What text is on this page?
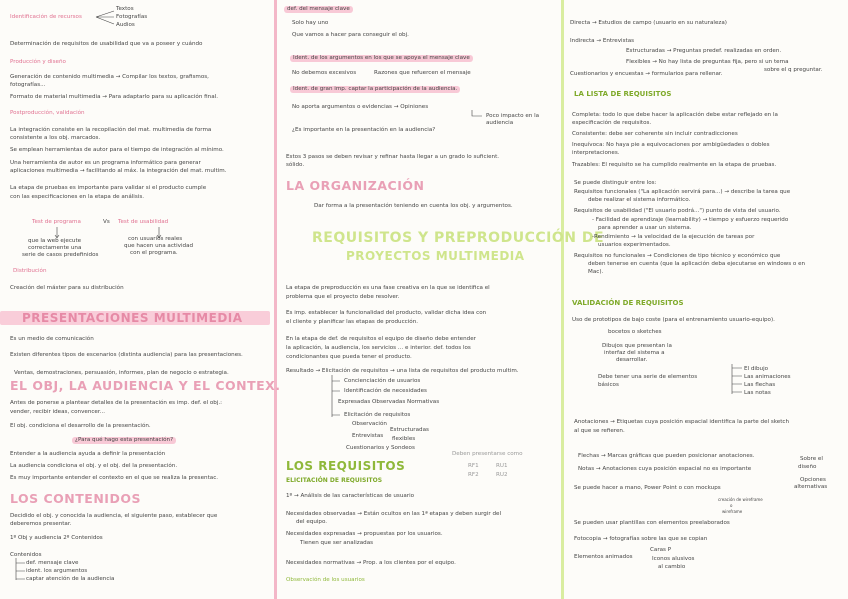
Identificación de recursos
Textos
Fotografías
Audios
Determinación de requisitos de usabilidad que va a poseer y cuándo
Producción y diseño
Generación de contenido multimedia → Compilar los textos, grafismos,
fotografías...
Formato de material multimedia → Para adaptarlo para su aplicación final.
Postproducción, validación
La integración consiste en la recopilación del mat. multimedia de forma
consistente a los obj. marcados.
Se emplean herramientas de autor para el tiempo de integración al mínimo.
Una herramienta de autor es un programa informático para generar
aplicaciones multimedia → facilitando al máx. la integración del mat. multim.
La etapa de pruebas es importante para validar si el producto cumple
con las especificaciones en la etapa de análisis.
Test de programa	Vs Test de usabilidad
que la web ejecute
correctamente una
serie de casos predefinidos
con usuarios reales
que hacen una actividad
con el programa.
Distribución
Creación del máster para su distribución
PRESENTACIONES MULTIMEDIA
Es un medio de comunicación
Existen diferentes tipos de escenarios (distinta audiencia) para las presentaciones.
Ventas, demostraciones, persuasión, informes, plan de negocio o estrategia.
EL OBJ, LA AUDIENCIA Y EL CONTEX.
Antes de ponerse a plantear detalles de la presentación es imp. def. el obj.:
vender, recibir ideas, convencer...
El obj. condiciona el desarrollo de la presentación.
¿Para qué hago esta presentación?
Entender a la audiencia ayuda a definir la presentación
La audiencia condiciona el obj. y el obj. del la presentación.
Es muy importante entender el contexto en el que se realiza la presentac.
LOS CONTENIDOS
Decidido el obj. y conocida la audiencia, el siguiente paso, establecer que
deberemos presentar.
1º Obj y audiencia 2º Contenidos
Contenidos
def. mensaje clave
ident. los argumentos
captar atención de la audiencia
def. del mensaje clave
Solo hay uno
Que vamos a hacer para conseguir el obj.
Ident. de los argumentos en los que se apoya el mensaje clave
No debemos excesivos	Razones que refuercen el mensaje
Ident. de gran imp. captar la participación de la audiencia.
No aporta argumentos o evidencias → Opiniones
Poco impacto en la
audiencia
¿Es importante en la presentación en la audiencia?
Estos 3 pasos se deben revisar y refinar hasta llegar a un grado lo suficient.
sólido.
LA ORGANIZACIÓN
Dar forma a la presentación teniendo en cuenta los obj. y argumentos.
REQUISITOS Y PREPRODUCCIÓN DE
PROYECTOS MULTIMEDIA
La etapa de preproducción es una fase creativa en la que se identifica el
problema que el proyecto debe resolver.
Es imp. establecer la funcionalidad del producto, validar dicha idea con
el cliente y planificar las etapas de producción.
En la etapa de def. de requisitos el equipo de diseño debe entender
la aplicación, la audiencia, los servicios ... e interior. def. todos los
condicionantes que pueda tener el producto.
Resultado → Elicitación de requisitos → una lista de requisitos del producto multim.
Concienciación de usuarios
Identificación de necesidades
Expresadas Observadas Normativas
Elicitación de requisitos
Observación
Estructuradas
Entrevistas flexibles
Cuestionarios y Sondeos
LOS REQUISITOS
ELICITACIÓN DE REQUISITOS
Deben presentarse como
RF1	RU1
RF2	RU2
1º → Análisis de las características de usuario
Necesidades observadas → Están ocultos en las 1ª etapas y deben surgir del
del equipo.
Necesidades expresadas → propuestas por los usuarios.
Tienen que ser analizadas
Necesidades normativas → Prop. a los clientes por el equipo.
Observación de los usuarios
Directa → Estudios de campo (usuario en su naturaleza)
Indirecta → Entrevistas
Estructuradas → Preguntas predef. realizadas en orden.
Flexibles → No hay lista de preguntas fija, pero si un tema
sobre el q preguntar.
Cuestionarios y encuestas → formularios para rellenar.
LA LISTA DE REQUISITOS
Completa: todo lo que debe hacer la aplicación debe estar reflejado en la
especificación de requisitos.
Consistente: debe ser coherente sin incluir contradicciones
Inequívoca: No haya pie a equivocaciones por ambigüedades o dobles
interpretaciones.
Trazables: El requisito se ha cumplido realmente en la etapa de pruebas.
Se puede distinguir entre los:
Requisitos funcionales ("La aplicación servirá para...) → describe la tarea que
debe realizar el sistema informático.
Requisitos de usabilidad ("El usuario podrá...") punto de vista del usuario.
- Facilidad de aprendizaje (learnability) → tiempo y esfuerzo requerido
para aprender a usar un sistema.
-Rendimiento → la velocidad de la ejecución de tareas por
usuarios experimentados.
Requisitos no funcionales → Condiciones de tipo técnico y económico que
deben tenerse en cuenta (que la aplicación deba ejecutarse en windows o en
Mac).
VALIDACIÓN DE REQUISITOS
Uso de prototipos de bajo coste (para el entrenamiento usuario-equipo).
bocetos o sketches
Dibujos que presentan la
interfaz del sistema a
desarrollar.
Debe tener una serie de elementos
básicos
El dibujo
Las animaciones
Las flechas
Las notas
Anotaciones → Etiquetas cuya posición espacial identifica la parte del sketch
al que se refieren.
Flechas → Marcas gráficas que pueden posicionar anotaciones.	Sobre el
diseño
Notas → Anotaciones cuya posición espacial no es importante
Opciones
alternativas
Se puede hacer a mano, Power Point o con mockups
creación de wireframe
o
wireframe
Se pueden usar plantillas con elementos preelaborados
Fotocopia → fotografías sobre las que se copian
Caras P
Elementos animados	Iconos alusivos
al cambio
